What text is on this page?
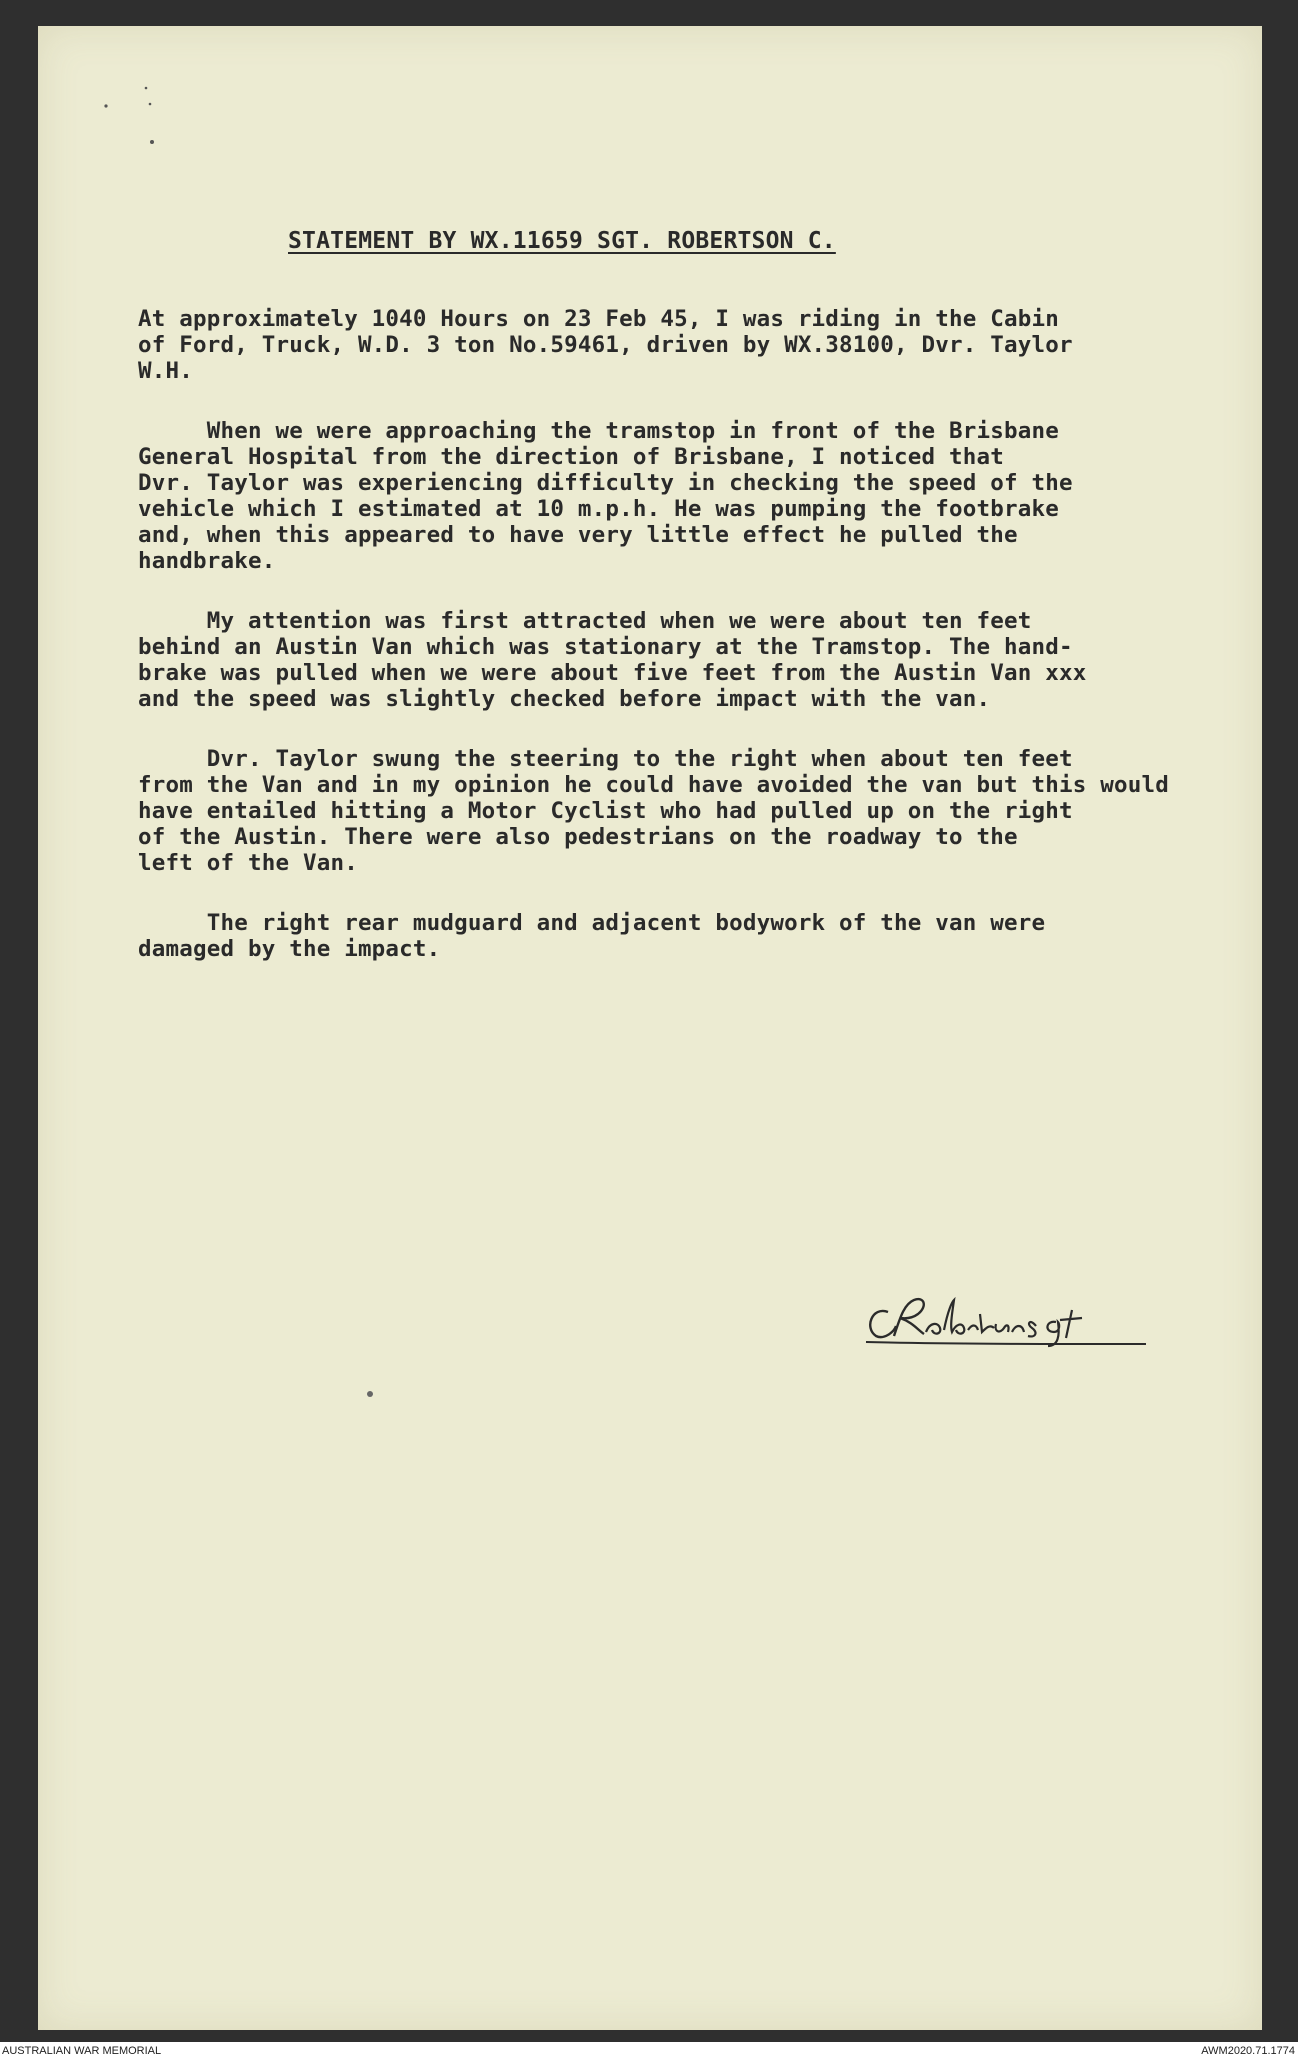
STATEMENT BY WX.11659 SGT. ROBERTSON C.
At approximately 1040 Hours on 23 Feb 45, I was riding in the Cabin
of Ford, Truck, W.D. 3 ton No.59461, driven by WX.38100, Dvr. Taylor
W.H.
When we were approaching the tramstop in front of the Brisbane
General Hospital from the direction of Brisbane, I noticed that
Dvr. Taylor was experiencing difficulty in checking the speed of the
vehicle which I estimated at 10 m.p.h. He was pumping the footbrake
and, when this appeared to have very little effect he pulled the
handbrake.
My attention was first attracted when we were about ten feet
behind an Austin Van which was stationary at the Tramstop. The hand-
brake was pulled when we were about five feet from the Austin Van xxx
and the speed was slightly checked before impact with the van.
Dvr. Taylor swung the steering to the right when about ten feet
from the Van and in my opinion he could have avoided the van but this would
have entailed hitting a Motor Cyclist who had pulled up on the right
of the Austin. There were also pedestrians on the roadway to the
left of the Van.
The right rear mudguard and adjacent bodywork of the van were
damaged by the impact.
AUSTRALIAN WAR MEMORIAL	AWM2020.71.1774
